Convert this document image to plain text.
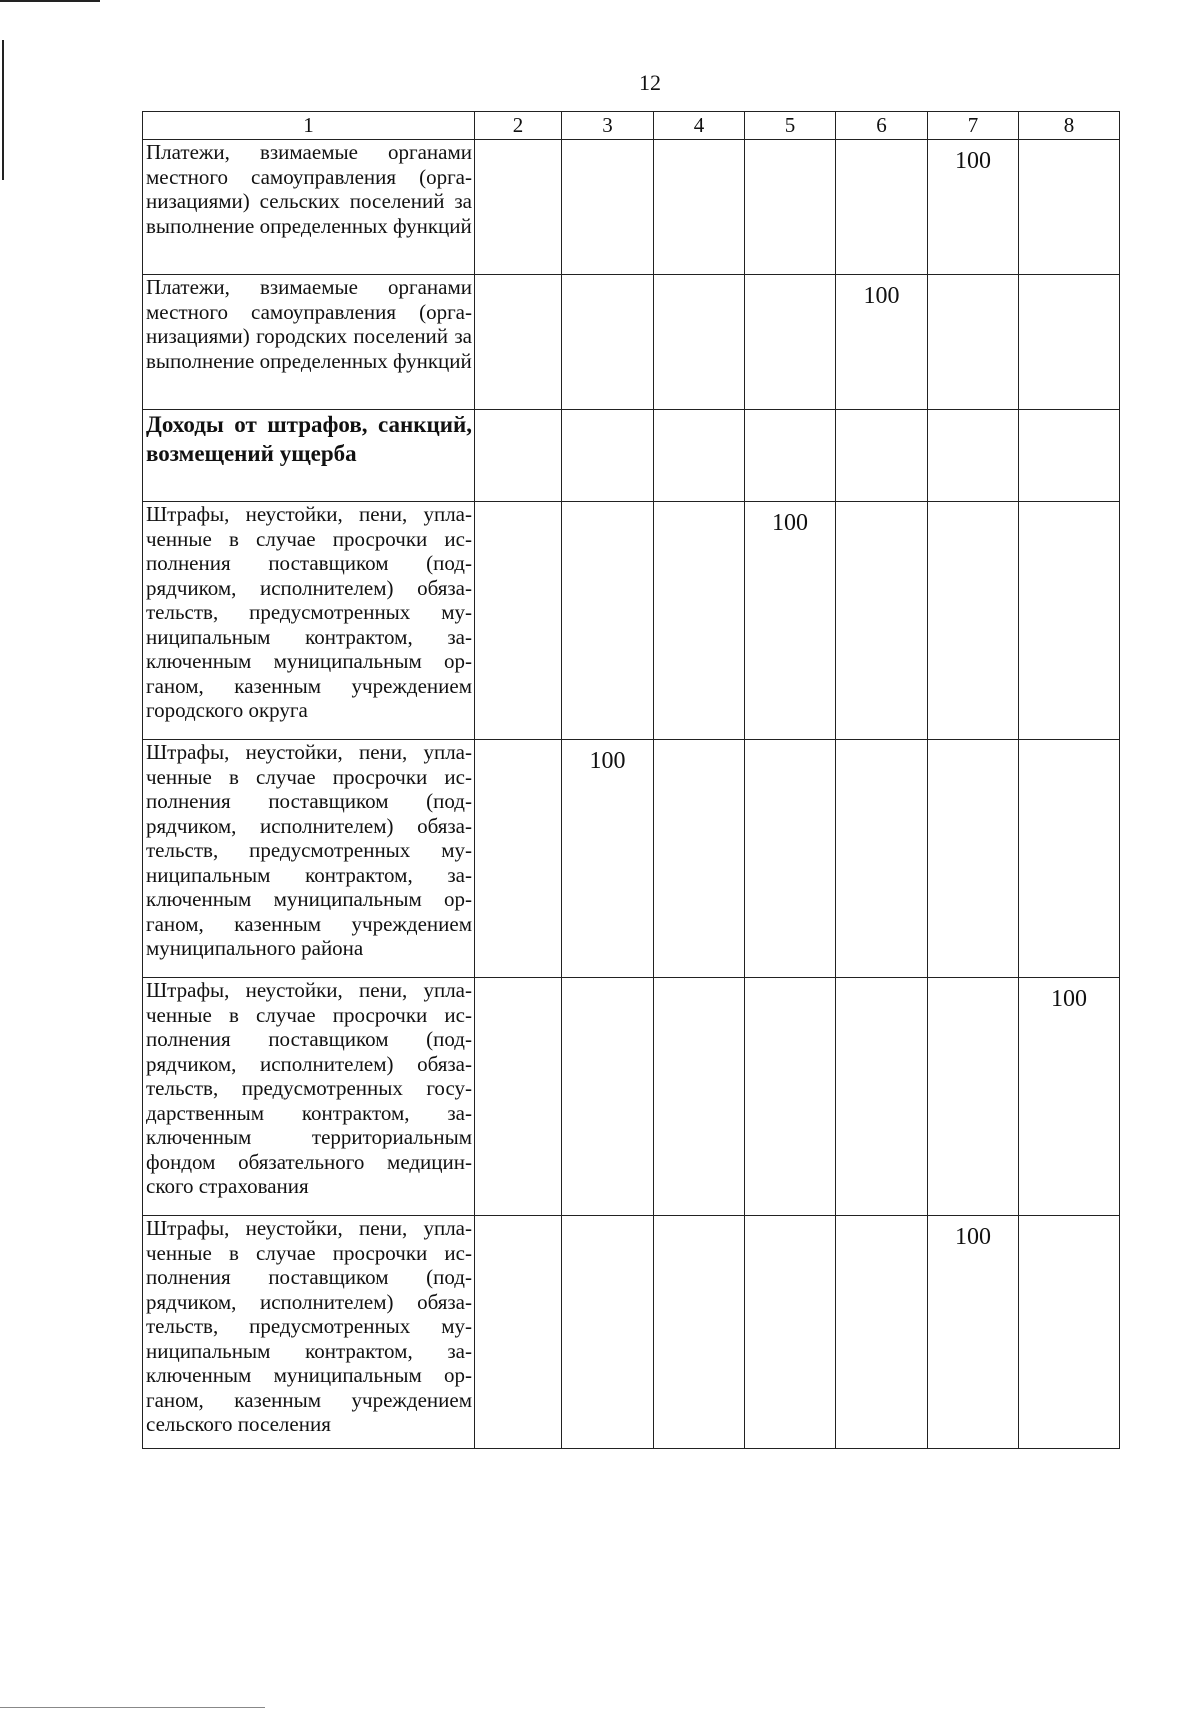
12
1	2	3	4	5	6	7	8
Платежи, взимаемые органами местного самоуправления (орга-низациями) сельских поселений за выполнение определенных функций						100	
Платежи, взимаемые органами местного самоуправления (орга-низациями) городских поселений за выполнение определенных функций					100		
Доходы от штрафов, санкций, возмещений ущерба							
Штрафы, неустойки, пени, упла-ченные в случае просрочки ис-полнения поставщиком (под-рядчиком, исполнителем) обяза-тельств, предусмотренных му-ниципальным контрактом, за-ключенным муниципальным ор-ганом, казенным учреждением городского округа				100			
Штрафы, неустойки, пени, упла-ченные в случае просрочки ис-полнения поставщиком (под-рядчиком, исполнителем) обяза-тельств, предусмотренных му-ниципальным контрактом, за-ключенным муниципальным ор-ганом, казенным учреждением муниципального района		100					
Штрафы, неустойки, пени, упла-ченные в случае просрочки ис-полнения поставщиком (под-рядчиком, исполнителем) обяза-тельств, предусмотренных госу-дарственным контрактом, за-ключенным территориальным фондом обязательного медицин-ского страхования							100
Штрафы, неустойки, пени, упла-ченные в случае просрочки ис-полнения поставщиком (под-рядчиком, исполнителем) обяза-тельств, предусмотренных му-ниципальным контрактом, за-ключенным муниципальным ор-ганом, казенным учреждением сельского поселения						100	
